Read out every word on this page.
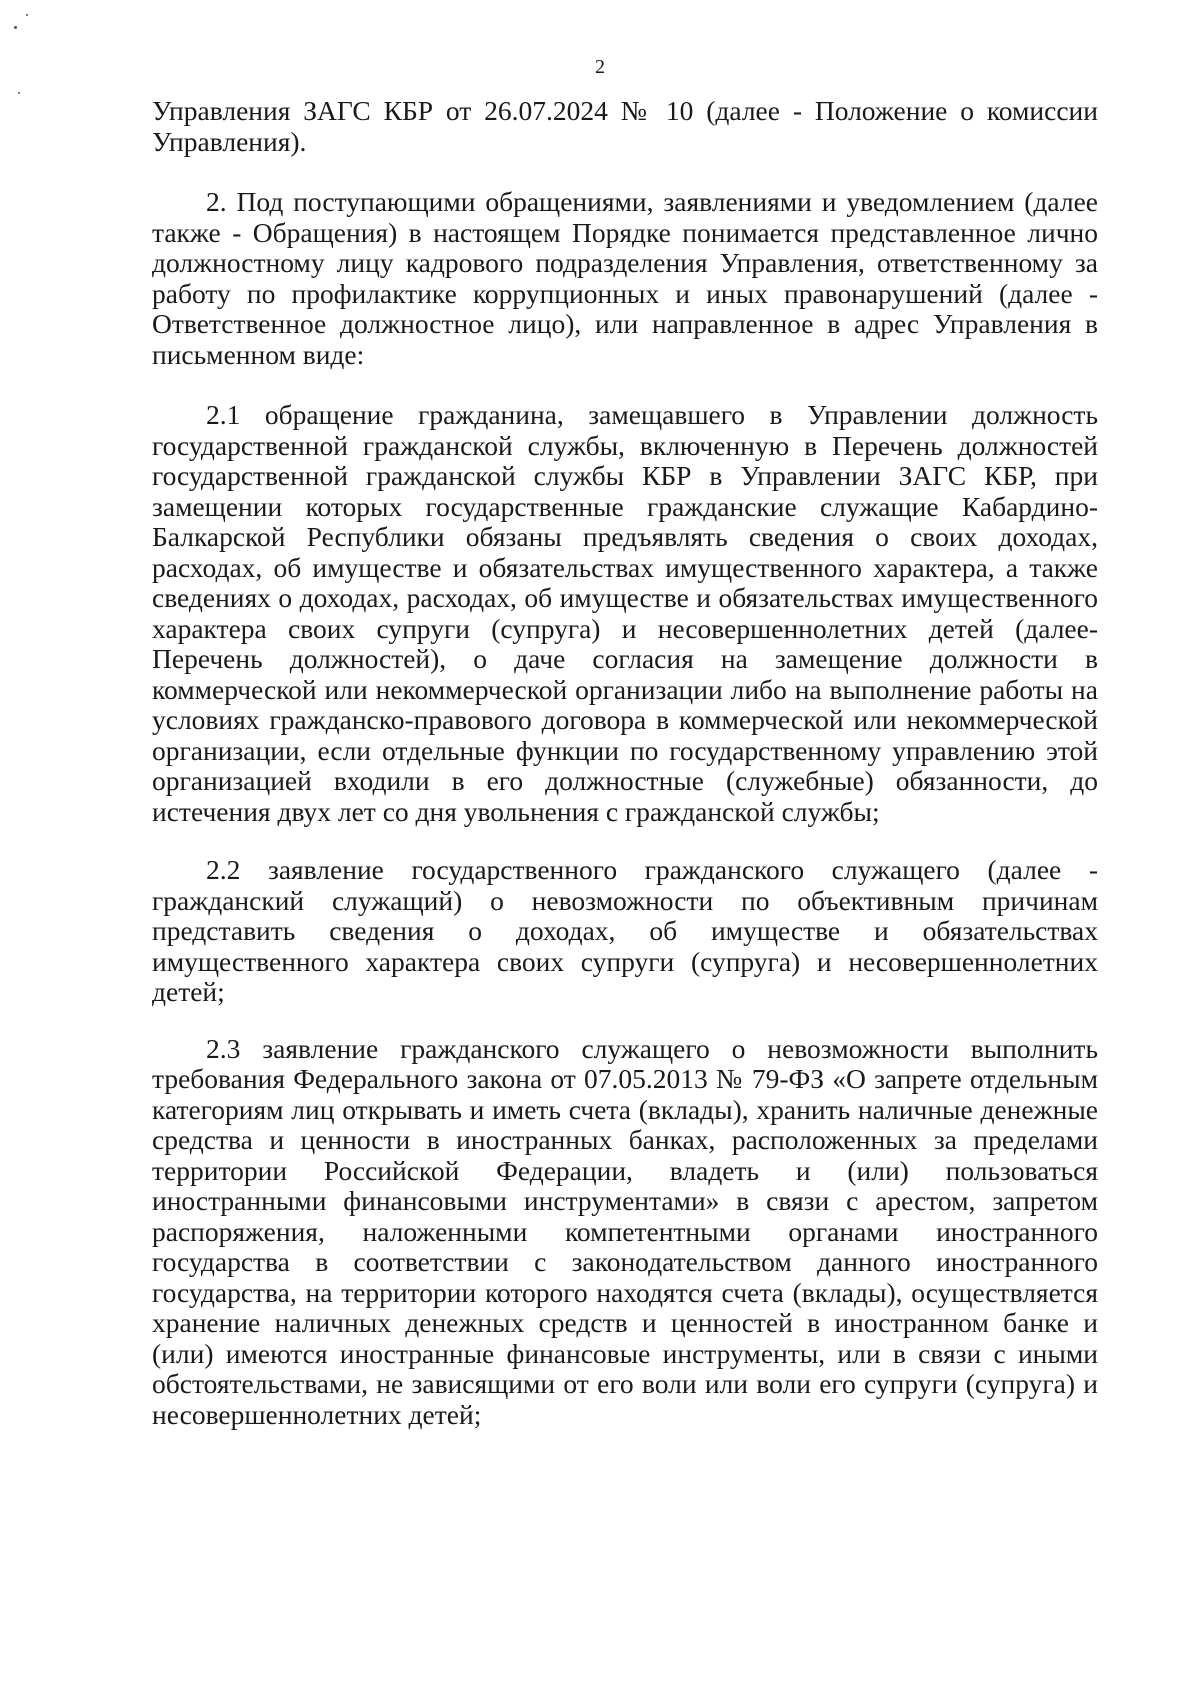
2

Управления ЗАГС КБР от 26.07.2024 № 10 (далее - Положение о комиссии Управления).

2. Под поступающими обращениями, заявлениями и уведомлением (далее также - Обращения) в настоящем Порядке понимается представленное лично должностному лицу кадрового подразделения Управления, ответственному за работу по профилактике коррупционных и иных правонарушений (далее - Ответственное должностное лицо), или направленное в адрес Управления в письменном виде:

2.1 обращение гражданина, замещавшего в Управлении должность государственной гражданской службы, включенную в Перечень должностей государственной гражданской службы КБР в Управлении ЗАГС КБР, при замещении которых государственные гражданские служащие Кабардино-Балкарской Республики обязаны предъявлять сведения о своих доходах, расходах, об имуществе и обязательствах имущественного характера, а также сведениях о доходах, расходах, об имуществе и обязательствах имущественного характера своих супруги (супруга) и несовершеннолетних детей (далее- Перечень должностей), о даче согласия на замещение должности в коммерческой или некоммерческой организации либо на выполнение работы на условиях гражданско-правового договора в коммерческой или некоммерческой организации, если отдельные функции по государственному управлению этой организацией входили в его должностные (служебные) обязанности, до истечения двух лет со дня увольнения с гражданской службы;

2.2 заявление государственного гражданского служащего (далее - гражданский служащий) о невозможности по объективным причинам представить сведения о доходах, об имуществе и обязательствах имущественного характера своих супруги (супруга) и несовершеннолетних детей;

2.3 заявление гражданского служащего о невозможности выполнить требования Федерального закона от 07.05.2013 № 79-ФЗ «О запрете отдельным категориям лиц открывать и иметь счета (вклады), хранить наличные денежные средства и ценности в иностранных банках, расположенных за пределами территории Российской Федерации, владеть и (или) пользоваться иностранными финансовыми инструментами» в связи с арестом, запретом распоряжения, наложенными компетентными органами иностранного государства в соответствии с законодательством данного иностранного государства, на территории которого находятся счета (вклады), осуществляется хранение наличных денежных средств и ценностей в иностранном банке и (или) имеются иностранные финансовые инструменты, или в связи с иными обстоятельствами, не зависящими от его воли или воли его супруги (супруга) и несовершеннолетних детей;
